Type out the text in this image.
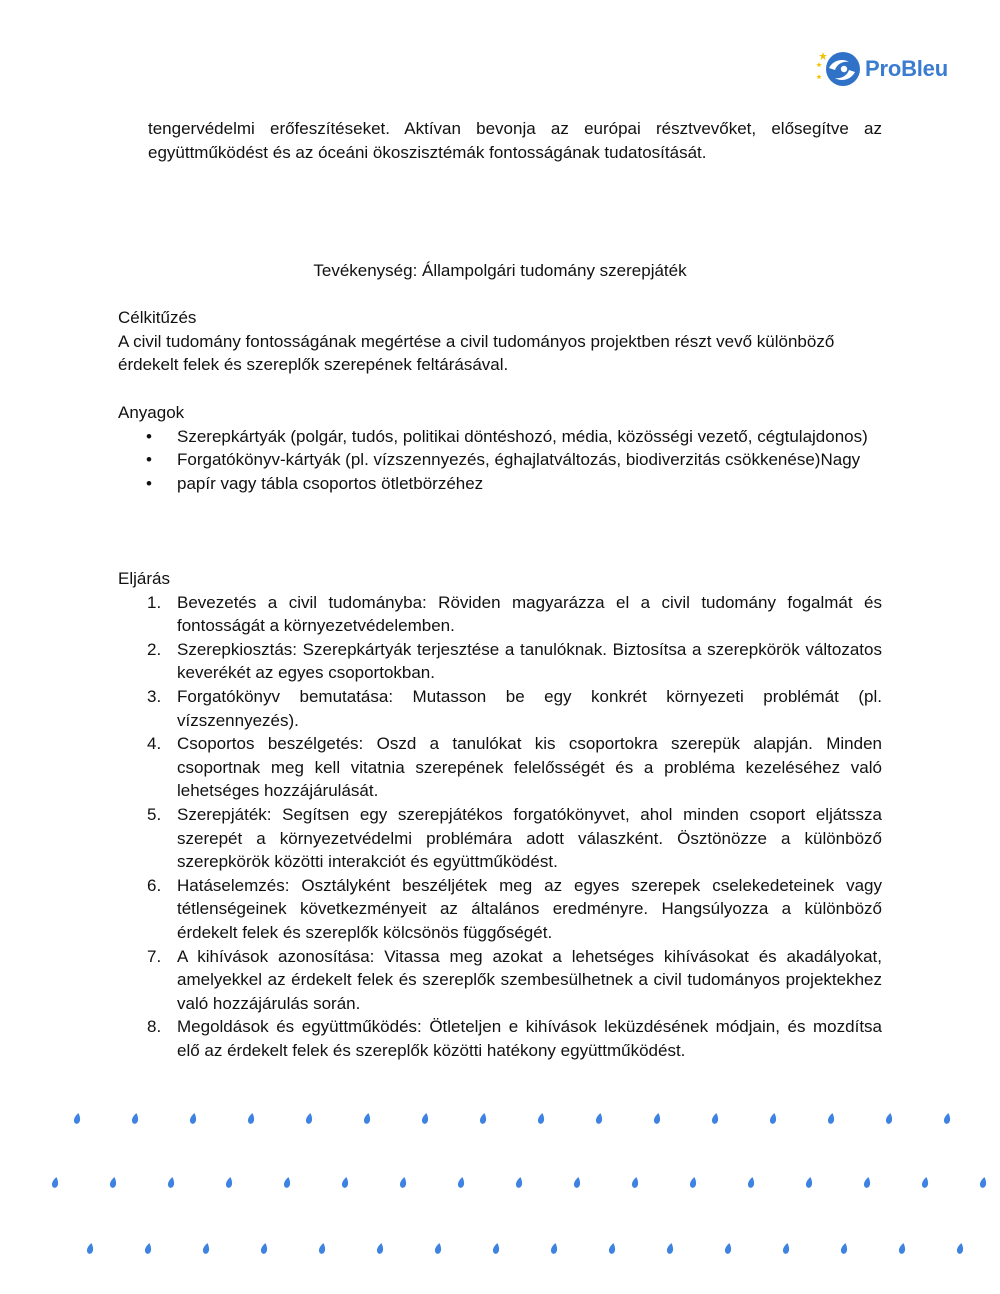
ProBleu
tengervédelmi erőfeszítéseket. Aktívan bevonja az európai résztvevőket, elősegítve az együttműködést és az óceáni ökoszisztémák fontosságának tudatosítását.
Tevékenység: Állampolgári tudomány szerepjáték
Célkitűzés
A civil tudomány fontosságának megértése a civil tudományos projektben részt vevő különböző érdekelt felek és szereplők szerepének feltárásával.
Anyagok
• Szerepkártyák (polgár, tudós, politikai döntéshozó, média, közösségi vezető, cégtulajdonos)
• Forgatókönyv-kártyák (pl. vízszennyezés, éghajlatváltozás, biodiverzitás csökkenése)Nagy
• papír vagy tábla csoportos ötletbörzéhez
Eljárás
1. Bevezetés a civil tudományba: Röviden magyarázza el a civil tudomány fogalmát és fontosságát a környezetvédelemben.
2. Szerepkiosztás: Szerepkártyák terjesztése a tanulóknak. Biztosítsa a szerepkörök változatos keverékét az egyes csoportokban.
3. Forgatókönyv bemutatása: Mutasson be egy konkrét környezeti problémát (pl. vízszennyezés).
4. Csoportos beszélgetés: Oszd a tanulókat kis csoportokra szerepük alapján. Minden csoportnak meg kell vitatnia szerepének felelősségét és a probléma kezeléséhez való lehetséges hozzájárulását.
5. Szerepjáték: Segítsen egy szerepjátékos forgatókönyvet, ahol minden csoport eljátssza szerepét a környezetvédelmi problémára adott válaszként. Ösztönözze a különböző szerepkörök közötti interakciót és együttműködést.
6. Hatáselemzés: Osztályként beszéljétek meg az egyes szerepek cselekedeteinek vagy tétlenségeinek következményeit az általános eredményre. Hangsúlyozza a különböző érdekelt felek és szereplők kölcsönös függőségét.
7. A kihívások azonosítása: Vitassa meg azokat a lehetséges kihívásokat és akadályokat, amelyekkel az érdekelt felek és szereplők szembesülhetnek a civil tudományos projektekhez való hozzájárulás során.
8. Megoldások és együttműködés: Ötleteljen e kihívások leküzdésének módjain, és mozdítsa elő az érdekelt felek és szereplők közötti hatékony együttműködést.
